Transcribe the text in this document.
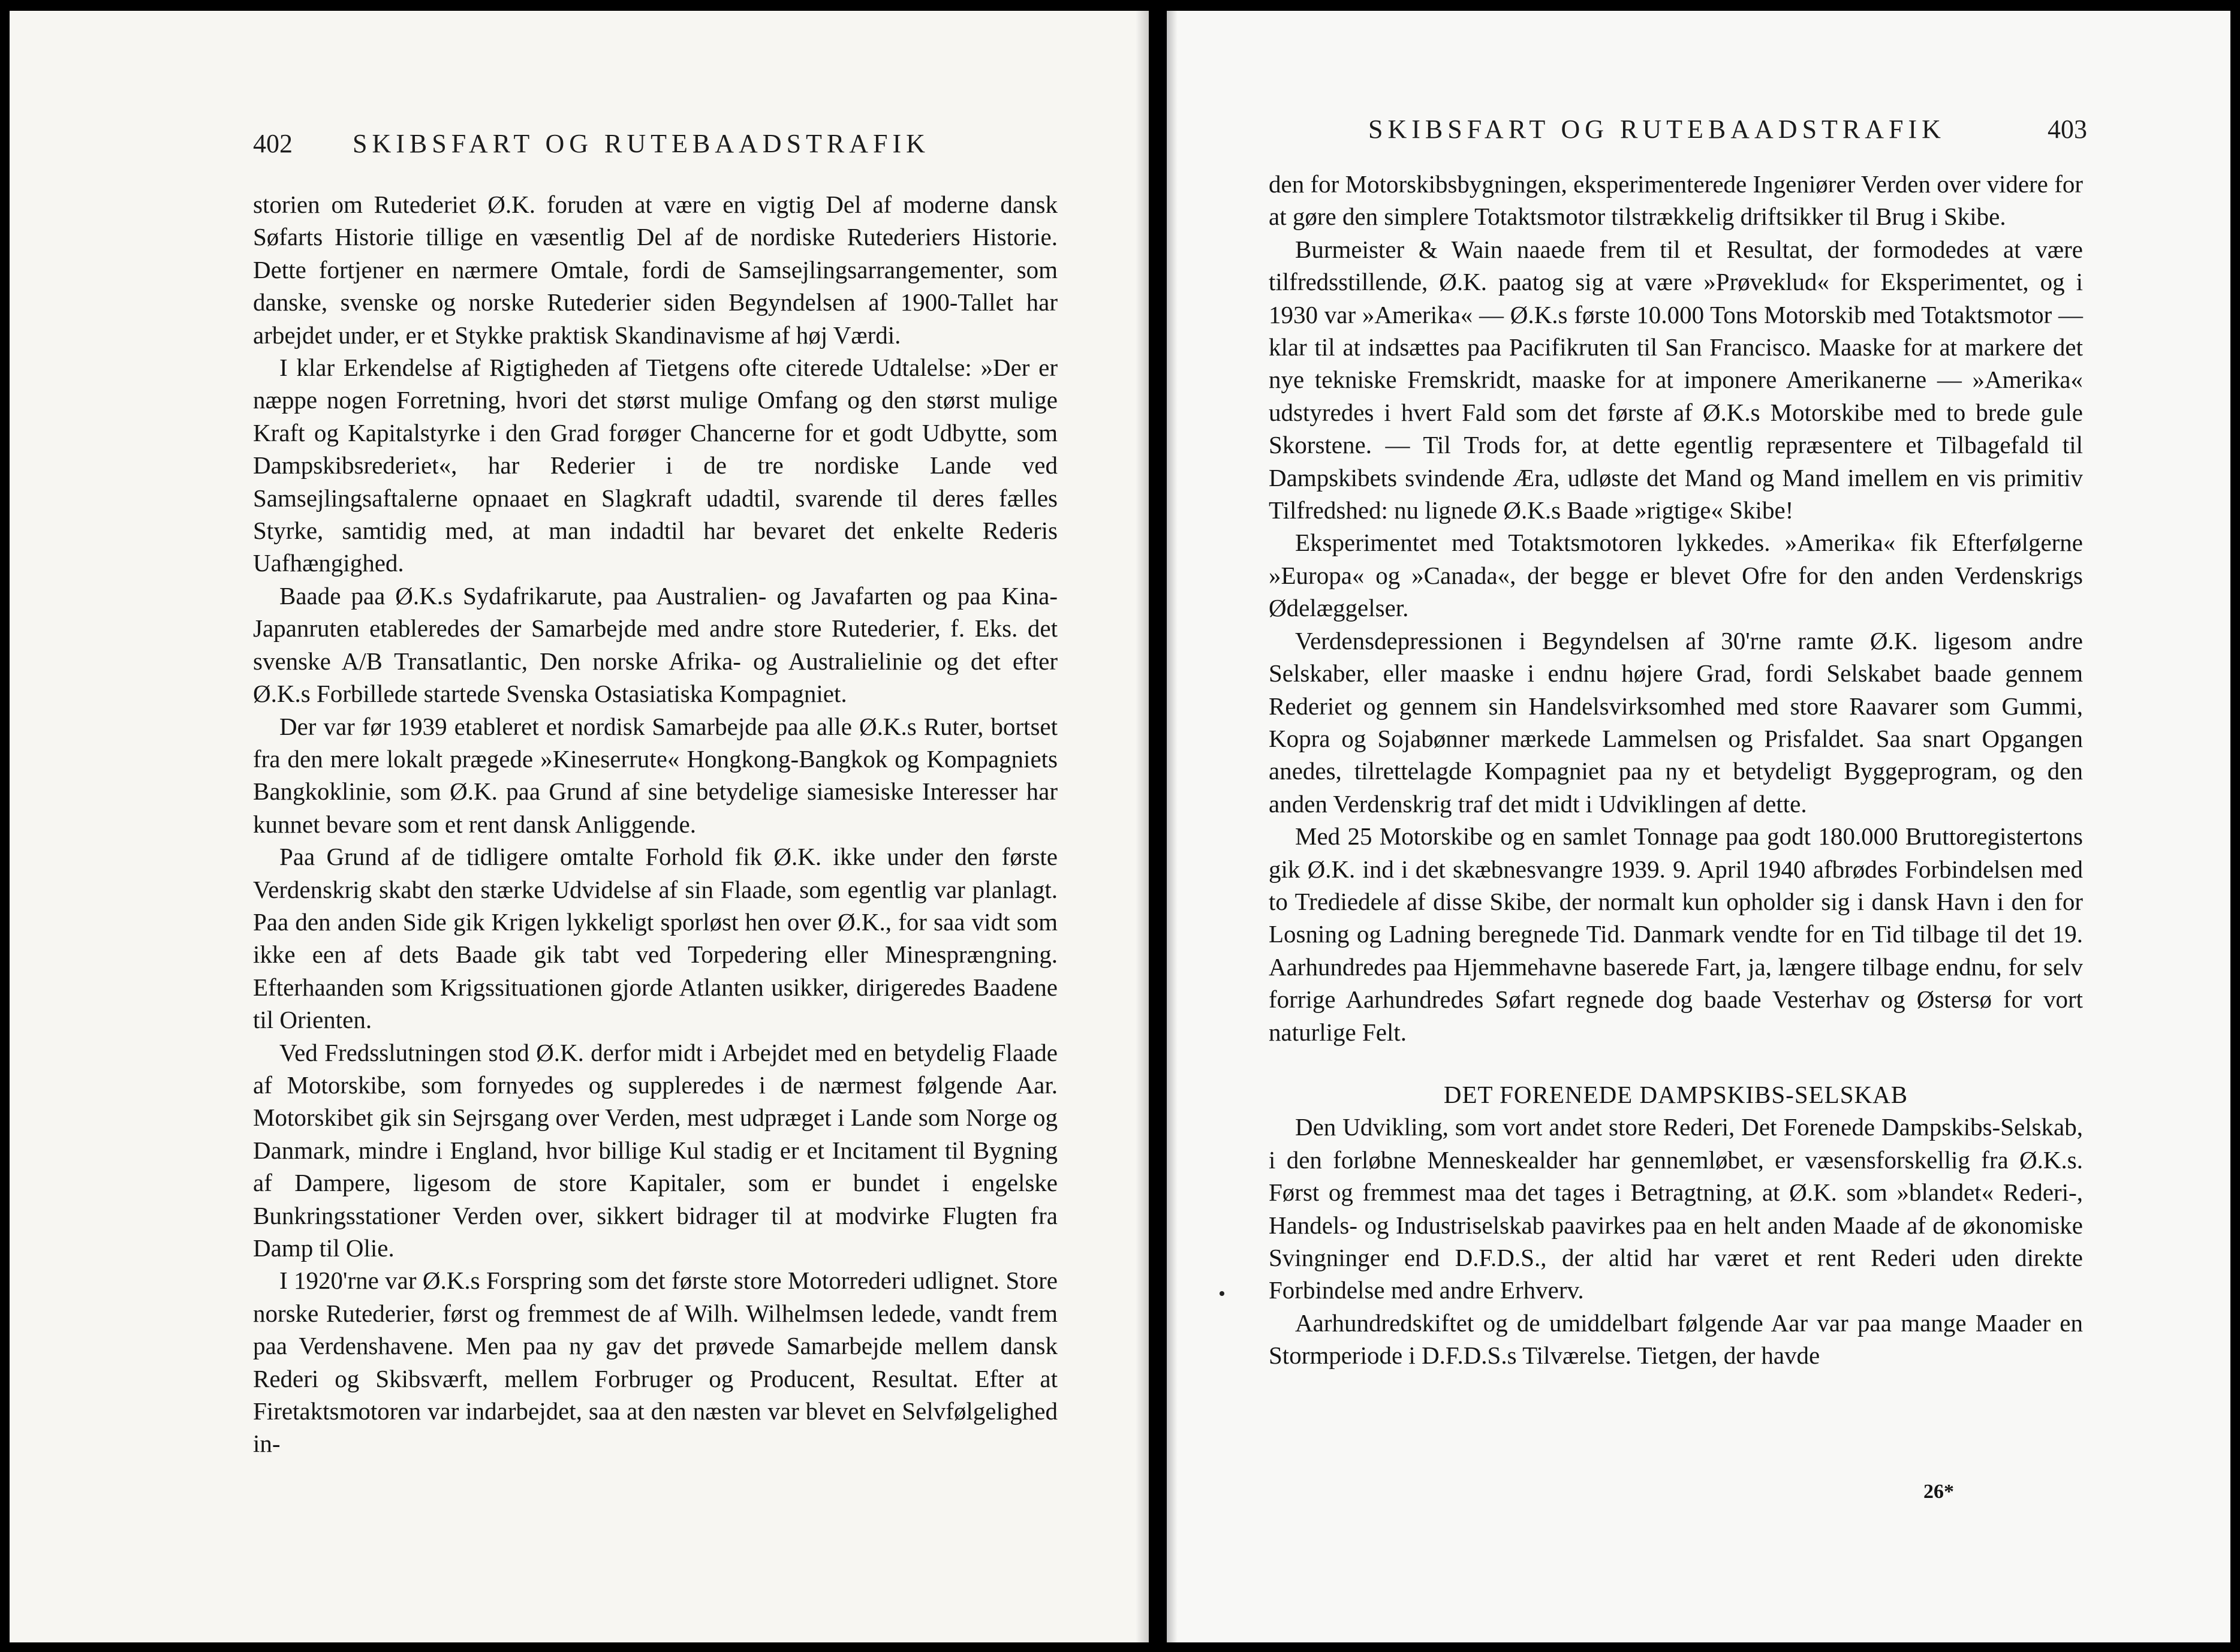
402 SKIBSFART OG RUTEBAADSTRAFIK

storien om Rutederiet Ø.K. foruden at være en vigtig Del af moderne dansk Søfarts Historie tillige en væsentlig Del af de nordiske Rutederiers Historie. Dette fortjener en nærmere Omtale, fordi de Samsejlingsarrangementer, som danske, svenske og norske Rutederier siden Begyndelsen af 1900-Tallet har arbejdet under, er et Stykke praktisk Skandinavisme af høj Værdi.

I klar Erkendelse af Rigtigheden af Tietgens ofte citerede Udtalelse: »Der er næppe nogen Forretning, hvori det størst mulige Omfang og den størst mulige Kraft og Kapitalstyrke i den Grad forøger Chancerne for et godt Udbytte, som Dampskibsrederiet«, har Rederier i de tre nordiske Lande ved Samsejlingsaftalerne opnaaet en Slagkraft udadtil, svarende til deres fælles Styrke, samtidig med, at man indadtil har bevaret det enkelte Rederis Uafhængighed.

Baade paa Ø.K.s Sydafrikarute, paa Australien- og Javafarten og paa Kina-Japanruten etableredes der Samarbejde med andre store Rutederier, f. Eks. det svenske A/B Transatlantic, Den norske Afrika- og Australielinie og det efter Ø.K.s Forbillede startede Svenska Ostasiatiska Kompagniet.

Der var før 1939 etableret et nordisk Samarbejde paa alle Ø.K.s Ruter, bortset fra den mere lokalt prægede »Kineserrute« Hongkong-Bangkok og Kompagniets Bangkoklinie, som Ø.K. paa Grund af sine betydelige siamesiske Interesser har kunnet bevare som et rent dansk Anliggende.

Paa Grund af de tidligere omtalte Forhold fik Ø.K. ikke under den første Verdenskrig skabt den stærke Udvidelse af sin Flaade, som egentlig var planlagt. Paa den anden Side gik Krigen lykkeligt sporløst hen over Ø.K., for saa vidt som ikke een af dets Baade gik tabt ved Torpedering eller Minesprængning. Efterhaanden som Krigssituationen gjorde Atlanten usikker, dirigeredes Baadene til Orienten.

Ved Fredsslutningen stod Ø.K. derfor midt i Arbejdet med en betydelig Flaade af Motorskibe, som fornyedes og suppleredes i de nærmest følgende Aar. Motorskibet gik sin Sejrsgang over Verden, mest udpræget i Lande som Norge og Danmark, mindre i England, hvor billige Kul stadig er et Incitament til Bygning af Dampere, ligesom de store Kapitaler, som er bundet i engelske Bunkringsstationer Verden over, sikkert bidrager til at modvirke Flugten fra Damp til Olie.

I 1920'rne var Ø.K.s Forspring som det første store Motorrederi udlignet. Store norske Rutederier, først og fremmest de af Wilh. Wilhelmsen ledede, vandt frem paa Verdenshavene. Men paa ny gav det prøvede Samarbejde mellem dansk Rederi og Skibsværft, mellem Forbruger og Producent, Resultat. Efter at Firetaktsmotoren var indarbejdet, saa at den næsten var blevet en Selvfølgelighed in-

SKIBSFART OG RUTEBAADSTRAFIK	403

den for Motorskibsbygningen, eksperimenterede Ingeniører Verden over videre for at gøre den simplere Totaktsmotor tilstrækkelig driftsikker til Brug i Skibe.

Burmeister & Wain naaede frem til et Resultat, der formodedes at være tilfredsstillende, Ø.K. paatog sig at være »Prøveklud« for Eksperimentet, og i 1930 var »Amerika« — Ø.K.s første 10.000 Tons Motorskib med Totaktsmotor — klar til at indsættes paa Pacifikruten til San Francisco. Maaske for at markere det nye tekniske Fremskridt, maaske for at imponere Amerikanerne — »Amerika« udstyredes i hvert Fald som det første af Ø.K.s Motorskibe med to brede gule Skorstene. — Til Trods for, at dette egentlig repræsentere et Tilbagefald til Dampskibets svindende Æra, udløste det Mand og Mand imellem en vis primitiv Tilfredshed: nu lignede Ø.K.s Baade »rigtige« Skibe!

Eksperimentet med Totaktsmotoren lykkedes. »Amerika« fik Efterfølgerne »Europa« og »Canada«, der begge er blevet Ofre for den anden Verdenskrigs Ødelæggelser.

Verdensdepressionen i Begyndelsen af 30'rne ramte Ø.K. ligesom andre Selskaber, eller maaske i endnu højere Grad, fordi Selskabet baade gennem Rederiet og gennem sin Handelsvirksomhed med store Raavarer som Gummi, Kopra og Sojabønner mærkede Lammelsen og Prisfaldet. Saa snart Opgangen anedes, tilrettelagde Kompagniet paa ny et betydeligt Byggeprogram, og den anden Verdenskrig traf det midt i Udviklingen af dette.

Med 25 Motorskibe og en samlet Tonnage paa godt 180.000 Bruttoregistertons gik Ø.K. ind i det skæbnesvangre 1939. 9. April 1940 afbrødes Forbindelsen med to Trediedele af disse Skibe, der normalt kun opholder sig i dansk Havn i den for Losning og Ladning beregnede Tid. Danmark vendte for en Tid tilbage til det 19. Aarhundredes paa Hjemmehavne baserede Fart, ja, længere tilbage endnu, for selv forrige Aarhundredes Søfart regnede dog baade Vesterhav og Østersø for vort naturlige Felt.

DET FORENEDE DAMPSKIBS-SELSKAB

Den Udvikling, som vort andet store Rederi, Det Forenede Dampskibs-Selskab, i den forløbne Menneskealder har gennemløbet, er væsensforskellig fra Ø.K.s. Først og fremmest maa det tages i Betragtning, at Ø.K. som »blandet« Rederi-, Handels- og Industriselskab paavirkes paa en helt anden Maade af de økonomiske Svingninger end D.F.D.S., der altid har været et rent Rederi uden direkte Forbindelse med andre Erhverv.

Aarhundredskiftet og de umiddelbart følgende Aar var paa mange Maader en Stormperiode i D.F.D.S.s Tilværelse. Tietgen, der havde

26*
